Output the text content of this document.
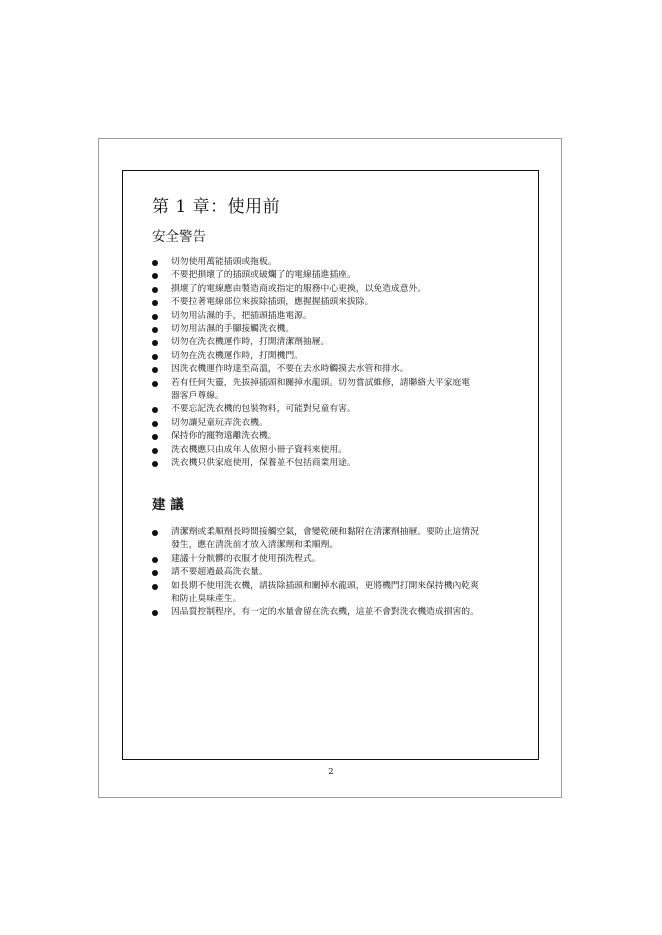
第 1 章：使用前
安全警告
切勿使用萬能插頭或拖板。
不要把損壞了的插頭或破爛了的電線插進插座。
損壞了的電線應由製造商或指定的服務中心更換，以免造成意外。
不要拉著電線部位來拔除插頭，應握握插頭來拔除。
切勿用沾濕的手，把插頭插進電源。
切勿用沾濕的手腳接觸洗衣機。
切勿在洗衣機運作時，打開清潔劑抽屜。
切勿在洗衣機運作時，打開機門。
因洗衣機運作時達至高溫，不要在去水時觸摸去水管和排水。
若有任何失靈，先拔掉插頭和關掉水龍頭。切勿嘗試維修，請聯絡大平家庭電
器客戶尊線。
不要忘記洗衣機的包裝物料，可能對兒童有害。
切勿讓兒童玩弄洗衣機。
保持你的寵物遠離洗衣機。
洗衣機應只由成年人依照小冊子資料來使用。
洗衣機只供家庭使用，保養並不包括商業用途。
建 議
清潔劑或柔順劑長時間接觸空氣，會變乾硬和黏附在清潔劑抽屜。要防止這情況
發生，應在清洗前才放入清潔劑和柔順劑。
建議十分骯髒的衣服才使用預洗程式。
請不要超過最高洗衣量。
如長期不使用洗衣機，請拔除插頭和關掉水龍頭，更將機門打開來保持機內乾爽
和防止臭味產生。
因品質控制程序，有一定的水量會留在洗衣機，這並不會對洗衣機造成損害的。
2
